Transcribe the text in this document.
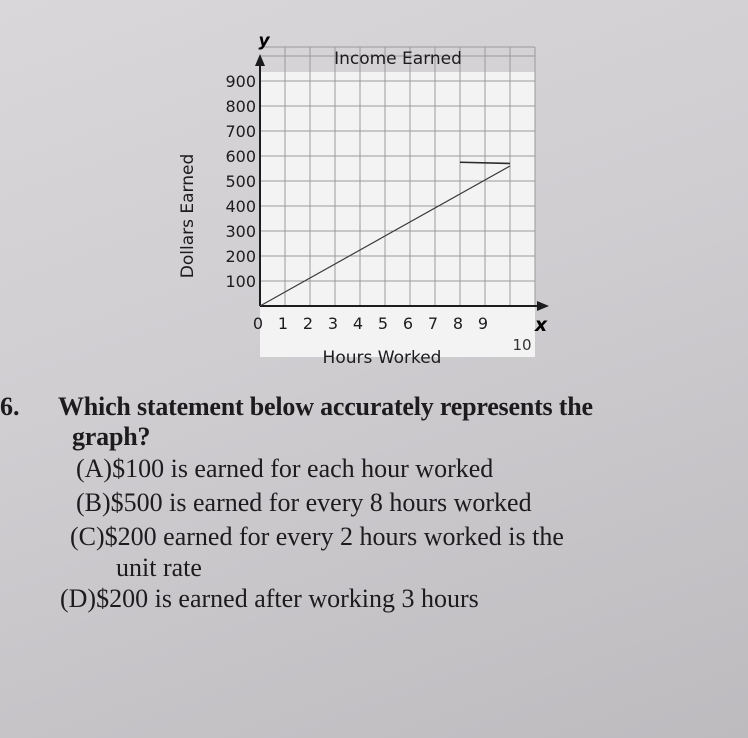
100
200
300
400
500
600
700
800
900
0 1 2 3 4 5 6 7 8 9
Income Earned
Hours Worked
Dollars Earned
y
x
10
6. Which statement below accurately represents the
graph?
(A)$100 is earned for each hour worked
(B)$500 is earned for every 8 hours worked
(C)$200 earned for every 2 hours worked is the
unit rate
(D)$200 is earned after working 3 hours
